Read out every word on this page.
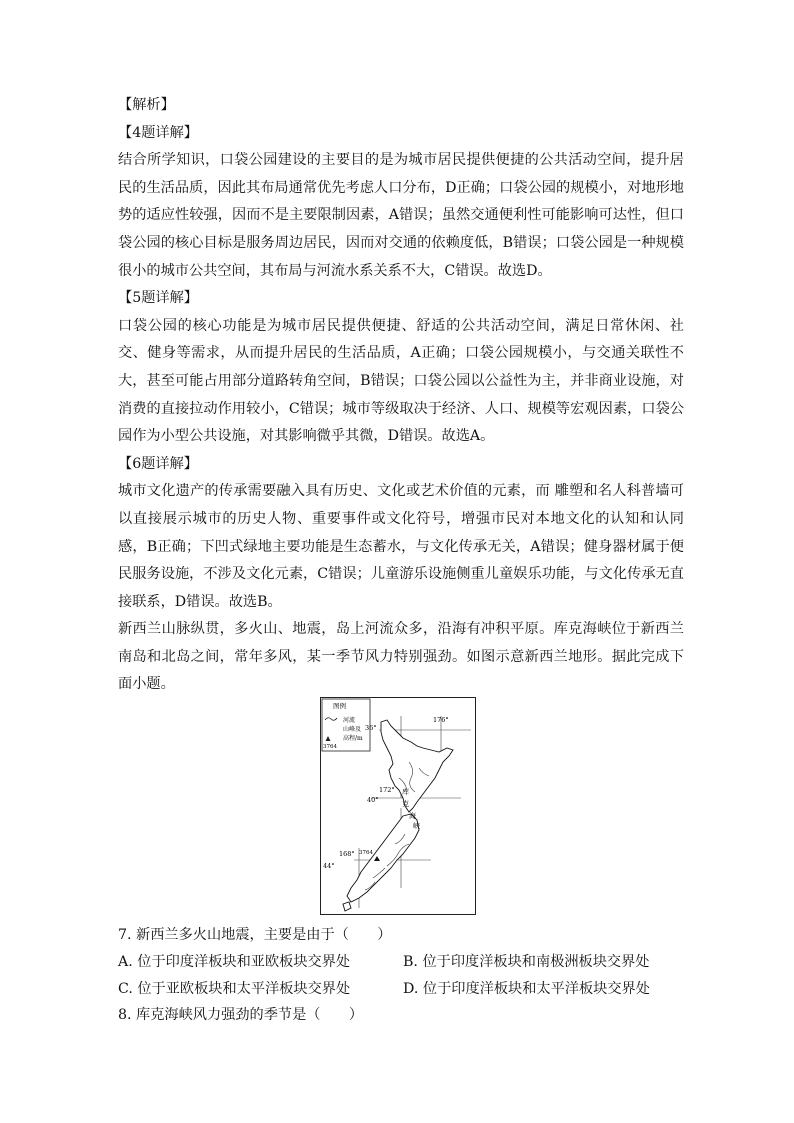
【解析】

【4题详解】

结合所学知识，口袋公园建设的主要目的是为城市居民提供便捷的公共活动空间，提升居民的生活品质，因此其布局通常优先考虑人口分布，D正确；口袋公园的规模小，对地形地势的适应性较强，因而不是主要限制因素，A错误；虽然交通便利性可能影响可达性，但口袋公园的核心目标是服务周边居民，因而对交通的依赖度低，B错误；口袋公园是一种规模很小的城市公共空间，其布局与河流水系关系不大，C错误。故选D。

【5题详解】

口袋公园的核心功能是为城市居民提供便捷、舒适的公共活动空间，满足日常休闲、社交、健身等需求，从而提升居民的生活品质，A正确；口袋公园规模小，与交通关联性不大，甚至可能占用部分道路转角空间，B错误；口袋公园以公益性为主，并非商业设施，对消费的直接拉动作用较小，C错误；城市等级取决于经济、人口、规模等宏观因素，口袋公园作为小型公共设施，对其影响微乎其微，D错误。故选A。

【6题详解】

城市文化遗产的传承需要融入具有历史、文化或艺术价值的元素，而 雕塑和名人科普墙可以直接展示城市的历史人物、重要事件或文化符号，增强市民对本地文化的认知和认同感，B正确；下凹式绿地主要功能是生态蓄水，与文化传承无关，A错误；健身器材属于便民服务设施，不涉及文化元素，C错误；儿童游乐设施侧重儿童娱乐功能，与文化传承无直接联系，D错误。故选B。

新西兰山脉纵贯，多火山、地震，岛上河流众多，沿海有冲积平原。库克海峡位于新西兰南岛和北岛之间，常年多风，某一季节风力特别强劲。如图示意新西兰地形。据此完成下面小题。

图例
河流
山峰及
3764
高程/m
36°
176°
172°
40°
库
克
海
峡
168°
44°
3764

7. 新西兰多火山地震，主要是由于（　　）

A. 位于印度洋板块和亚欧板块交界处	B. 位于印度洋板块和南极洲板块交界处

C. 位于亚欧板块和太平洋板块交界处	D. 位于印度洋板块和太平洋板块交界处

8. 库克海峡风力强劲的季节是（　　）
